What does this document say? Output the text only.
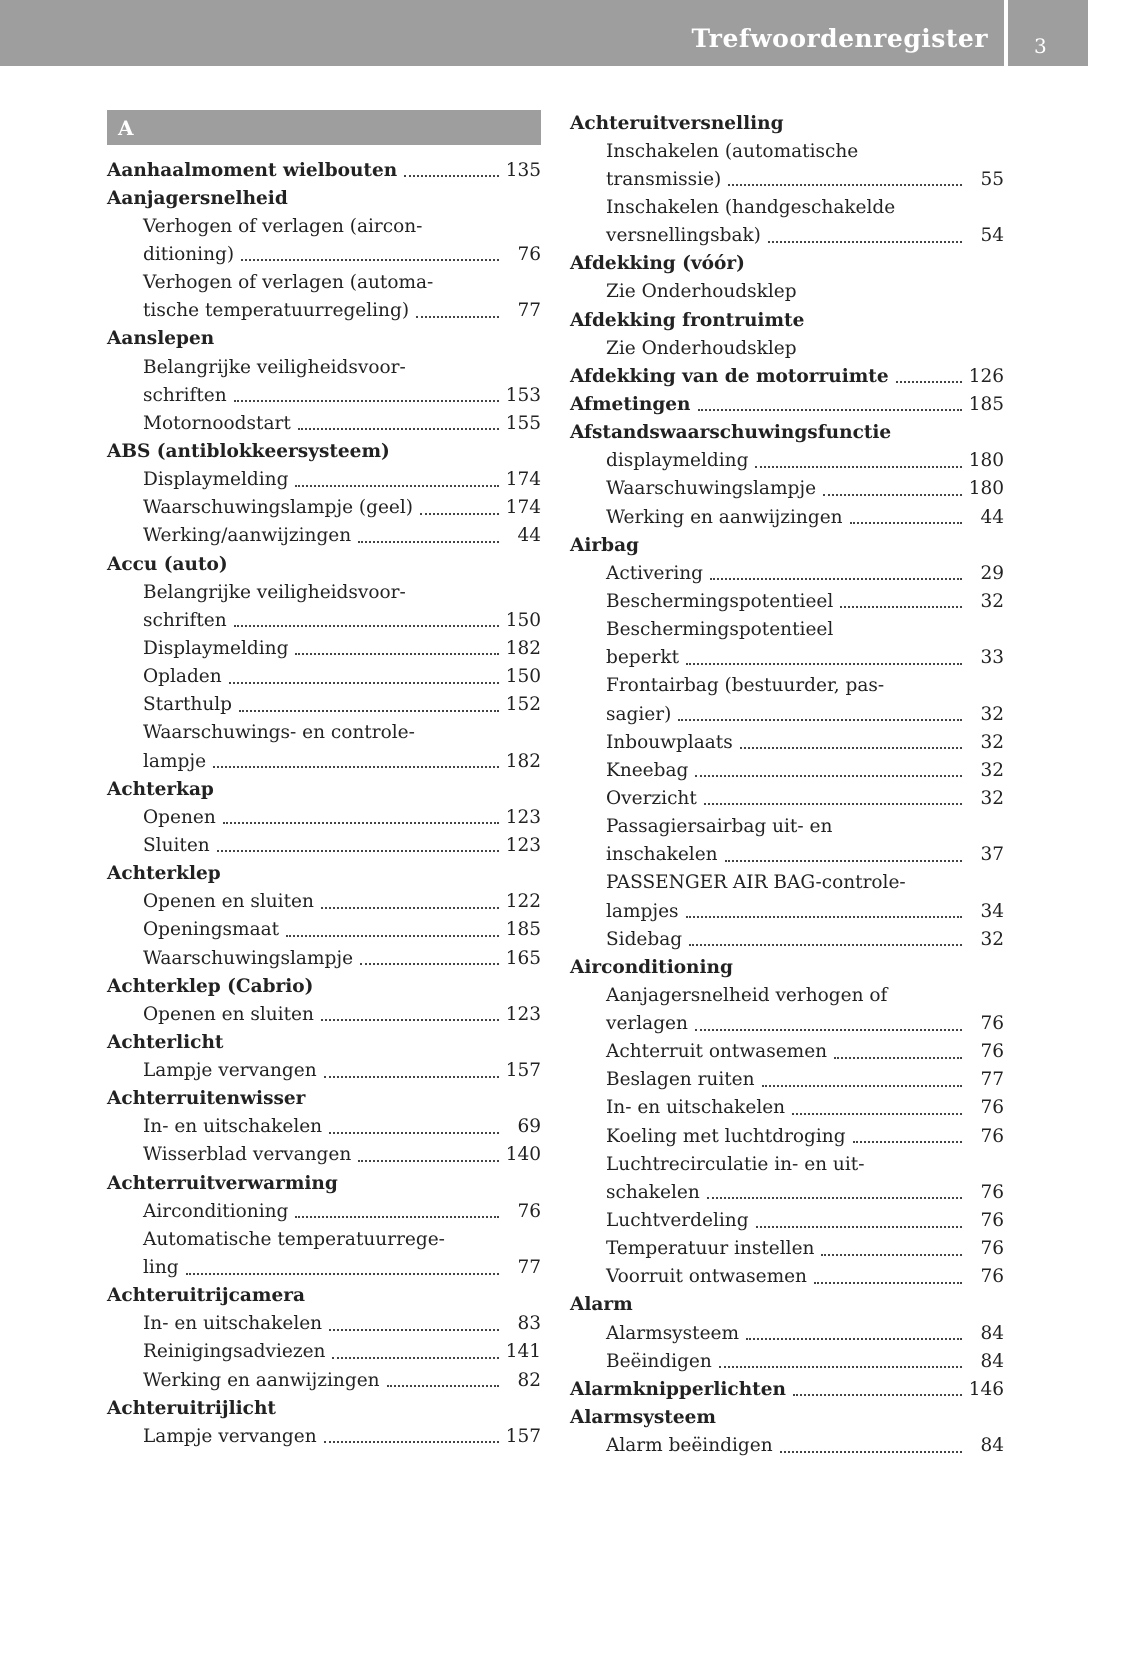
Trefwoordenregister 3
A
Aanhaalmoment wielbouten	135
Aanjagersnelheid
Verhogen of verlagen (aircon-
ditioning)	76
Verhogen of verlagen (automa-
tische temperatuurregeling)	77
Aanslepen
Belangrijke veiligheidsvoor-
schriften	153
Motornoodstart	155
ABS (antiblokkeersysteem)
Displaymelding	174
Waarschuwingslampje (geel)	174
Werking/aanwijzingen	44
Accu (auto)
Belangrijke veiligheidsvoor-
schriften	150
Displaymelding	182
Opladen	150
Starthulp	152
Waarschuwings- en controle-
lampje	182
Achterkap
Openen	123
Sluiten	123
Achterklep
Openen en sluiten	122
Openingsmaat	185
Waarschuwingslampje	165
Achterklep (Cabrio)
Openen en sluiten	123
Achterlicht
Lampje vervangen	157
Achterruitenwisser
In- en uitschakelen	69
Wisserblad vervangen	140
Achterruitverwarming
Airconditioning	76
Automatische temperatuurrege-
ling	77
Achteruitrijcamera
In- en uitschakelen	83
Reinigingsadviezen	141
Werking en aanwijzingen	82
Achteruitrijlicht
Lampje vervangen	157
Achteruitversnelling
Inschakelen (automatische
transmissie)	55
Inschakelen (handgeschakelde
versnellingsbak)	54
Afdekking (vóór)
Zie Onderhoudsklep
Afdekking frontruimte
Zie Onderhoudsklep
Afdekking van de motorruimte	126
Afmetingen	185
Afstandswaarschuwingsfunctie
displaymelding	180
Waarschuwingslampje	180
Werking en aanwijzingen	44
Airbag
Activering	29
Beschermingspotentieel	32
Beschermingspotentieel
beperkt	33
Frontairbag (bestuurder, pas-
sagier)	32
Inbouwplaats	32
Kneebag	32
Overzicht	32
Passagiersairbag uit- en
inschakelen	37
PASSENGER AIR BAG-controle-
lampjes	34
Sidebag	32
Airconditioning
Aanjagersnelheid verhogen of
verlagen	76
Achterruit ontwasemen	76
Beslagen ruiten	77
In- en uitschakelen	76
Koeling met luchtdroging	76
Luchtrecirculatie in- en uit-
schakelen	76
Luchtverdeling	76
Temperatuur instellen	76
Voorruit ontwasemen	76
Alarm
Alarmsysteem	84
Beëindigen	84
Alarmknipperlichten	146
Alarmsysteem
Alarm beëindigen	84
